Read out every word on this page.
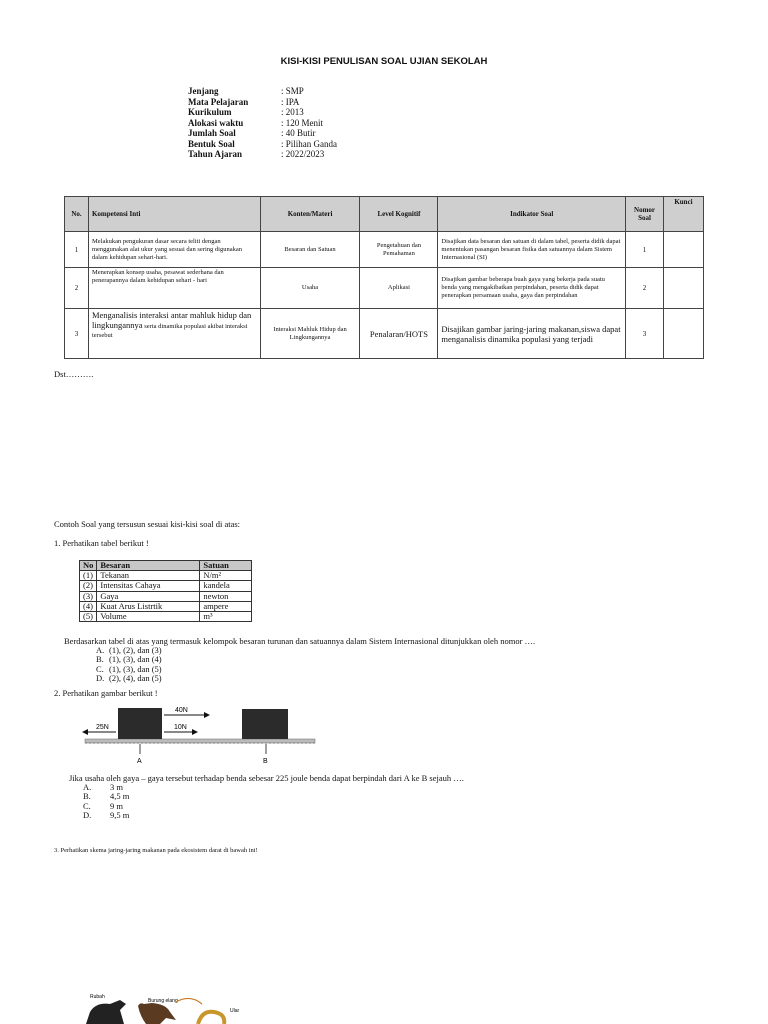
KISI-KISI PENULISAN SOAL UJIAN SEKOLAH
Jenjang	: SMP
Mata Pelajaran	: IPA
Kurikulum	: 2013
Alokasi waktu	: 120 Menit
Jumlah Soal	: 40 Butir
Bentuk Soal	: Pilihan Ganda
Tahun Ajaran	: 2022/2023
No.	Kompetensi Inti	Konten/Materi	Level Kognitif	Indikator Soal	Nomor Soal	Kunci
1	Melakukan pengukuran dasar secara teliti dengan menggunakan alat ukur yang sesuai dan sering digunakan dalam kehidupan sehari-hari.	Besaran dan Satuan	Pengetahuan dan Pemahaman	Disajikan data besaran dan satuan di dalam tabel, peserta didik dapat menentukan pasangan besaran fisika dan satuannya dalam Sistem Internasional (SI)	1	
2	Menerapkan konsep usaha, pesawat sederhana dan penerapannya dalam kehidupan sehari - hari	Usaha	Aplikasi	Disajikan gambar beberapa buah gaya yang bekerja pada suatu benda yang mengakibatkan perpindahan, peserta didik dapat penerapkan persamaan usaha, gaya dan perpindahan	2	
3	Menganalisis interaksi antar mahluk hidup dan lingkungannya serta dinamika populasi akibat interaksi tersebut	Interaksi Mahluk Hidup dan Lingkungannya	Penalaran/HOTS	Disajikan gambar jaring-jaring makanan,siswa dapat menganalisis dinamika populasi yang terjadi	3	
Dst……….
Contoh Soal yang tersusun sesuai kisi-kisi soal di atas:
1. Perhatikan tabel berikut !
No	Besaran	Satuan
(1)	Tekanan	N/m²
(2)	Intensitas Cahaya	kandela
(3)	Gaya	newton
(4)	Kuat Arus Listrtik	ampere
(5)	Volume	m³
Berdasarkan tabel di atas yang termasuk kelompok besaran turunan dan satuannya dalam Sistem Internasional ditunjukkan oleh nomor ….
A. (1), (2), dan (3)
B. (1), (3), dan (4)
C. (1), (3), dan (5)
D. (2), (4), dan (5)
2. Perhatikan gambar berikut !
40N
25N	10N
A	B
Jika usaha oleh gaya – gaya tersebut terhadap benda sebesar 225 joule benda dapat berpindah dari A ke B sejauh ….
A.	3 m
B.	4,5 m
C.	9 m
D.	9,5 m
3. Perhatikan skema jaring-jaring makanan pada ekosistem darat di bawah ini!
Rubah
Burung elang
Ular
